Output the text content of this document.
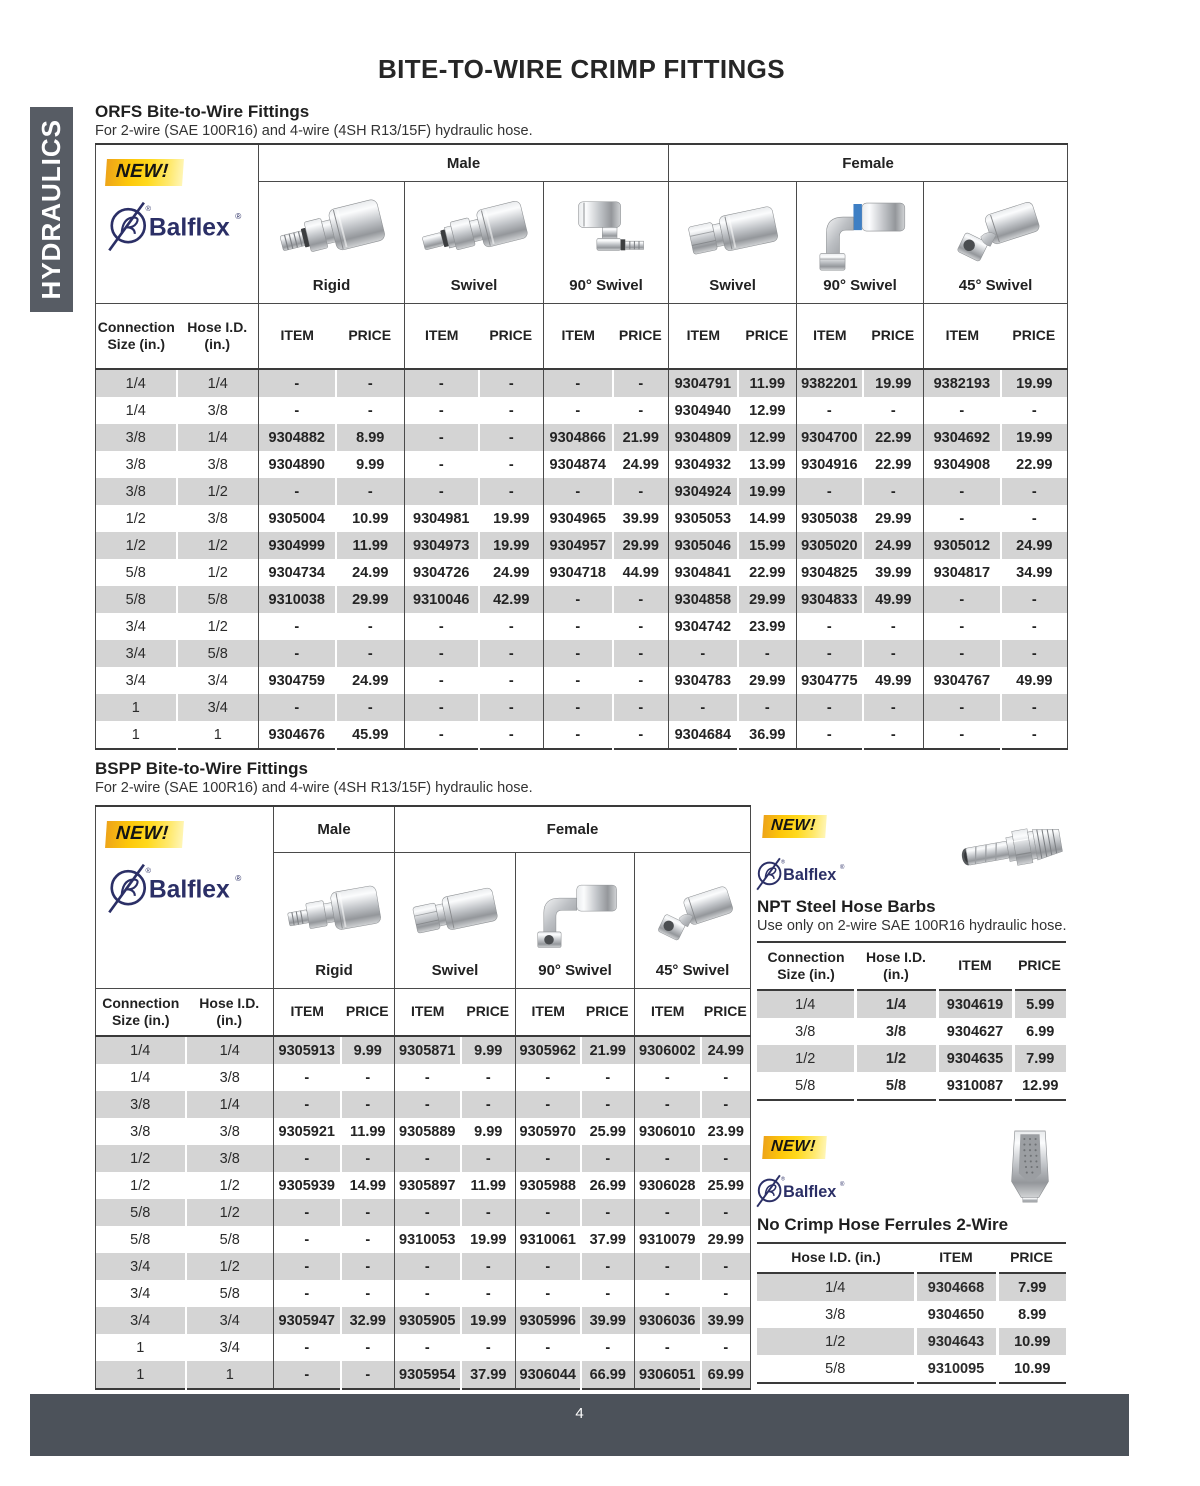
BITE-TO-WIRE CRIMP FITTINGS
HYDRAULICS
ORFS Bite-to-Wire Fittings
For 2-wire (SAE 100R16) and 4-wire (4SH R13/15F) hydraulic hose.
NEW!
®
Balflex ®		Male						Female					

		Rigid		Swivel		90° Swivel		Swivel		90° Swivel		45° Swivel	

Connection Size (in.)	Hose I.D. (in.)	ITEM	PRICE	ITEM	PRICE	ITEM	PRICE	ITEM	PRICE	ITEM	PRICE	ITEM	PRICE
1/4	1/4	-	-	-	-	-	-	9304791	11.99	9382201	19.99	9382193	19.99
1/4	3/8	-	-	-	-	-	-	9304940	12.99	-	-	-	-
3/8	1/4	9304882	8.99	-	-	9304866	21.99	9304809	12.99	9304700	22.99	9304692	19.99
3/8	3/8	9304890	9.99	-	-	9304874	24.99	9304932	13.99	9304916	22.99	9304908	22.99
3/8	1/2	-	-	-	-	-	-	9304924	19.99	-	-	-	-
1/2	3/8	9305004	10.99	9304981	19.99	9304965	39.99	9305053	14.99	9305038	29.99	-	-
1/2	1/2	9304999	11.99	9304973	19.99	9304957	29.99	9305046	15.99	9305020	24.99	9305012	24.99
5/8	1/2	9304734	24.99	9304726	24.99	9304718	44.99	9304841	22.99	9304825	39.99	9304817	34.99
5/8	5/8	9310038	29.99	9310046	42.99	-	-	9304858	29.99	9304833	49.99	-	-
3/4	1/2	-	-	-	-	-	-	9304742	23.99	-	-	-	-
3/4	5/8	-	-	-	-	-	-	-	-	-	-	-	-
3/4	3/4	9304759	24.99	-	-	-	-	9304783	29.99	9304775	49.99	9304767	49.99
1	3/4	-	-	-	-	-	-	-	-	-	-	-	-
1	1	9304676	45.99	-	-	-	-	9304684	36.99	-	-	-	-
BSPP Bite-to-Wire Fittings
For 2-wire (SAE 100R16) and 4-wire (4SH R13/15F) hydraulic hose.
NEW!
®
Balflex ®		Male		Female					

		Rigid		Swivel		90° Swivel		45° Swivel	

Connection Size (in.)	Hose I.D. (in.)	ITEM	PRICE	ITEM	PRICE	ITEM	PRICE	ITEM	PRICE
1/4	1/4	9305913	9.99	9305871	9.99	9305962	21.99	9306002	24.99
1/4	3/8	-	-	-	-	-	-	-	-
3/8	1/4	-	-	-	-	-	-	-	-
3/8	3/8	9305921	11.99	9305889	9.99	9305970	25.99	9306010	23.99
1/2	3/8	-	-	-	-	-	-	-	-
1/2	1/2	9305939	14.99	9305897	11.99	9305988	26.99	9306028	25.99
5/8	1/2	-	-	-	-	-	-	-	-
5/8	5/8	-	-	9310053	19.99	9310061	37.99	9310079	29.99
3/4	1/2	-	-	-	-	-	-	-	-
3/4	5/8	-	-	-	-	-	-	-	-
3/4	3/4	9305947	32.99	9305905	19.99	9305996	39.99	9306036	39.99
1	3/4	-	-	-	-	-	-	-	-
1	1	-	-	9305954	37.99	9306044	66.99	9306051	69.99
NEW!
®
Balflex ®
NPT Steel Hose Barbs
Use only on 2-wire SAE 100R16 hydraulic hose.
Connection Size (in.)	Hose I.D. (in.)	ITEM	PRICE
1/4	1/4	9304619	5.99
3/8	3/8	9304627	6.99
1/2	1/2	9304635	7.99
5/8	5/8	9310087	12.99
NEW!
®
Balflex ®
No Crimp Hose Ferrules 2-Wire
Hose I.D. (in.)	ITEM	PRICE
1/4	9304668	7.99
3/8	9304650	8.99
1/2	9304643	10.99
5/8	9310095	10.99
4
